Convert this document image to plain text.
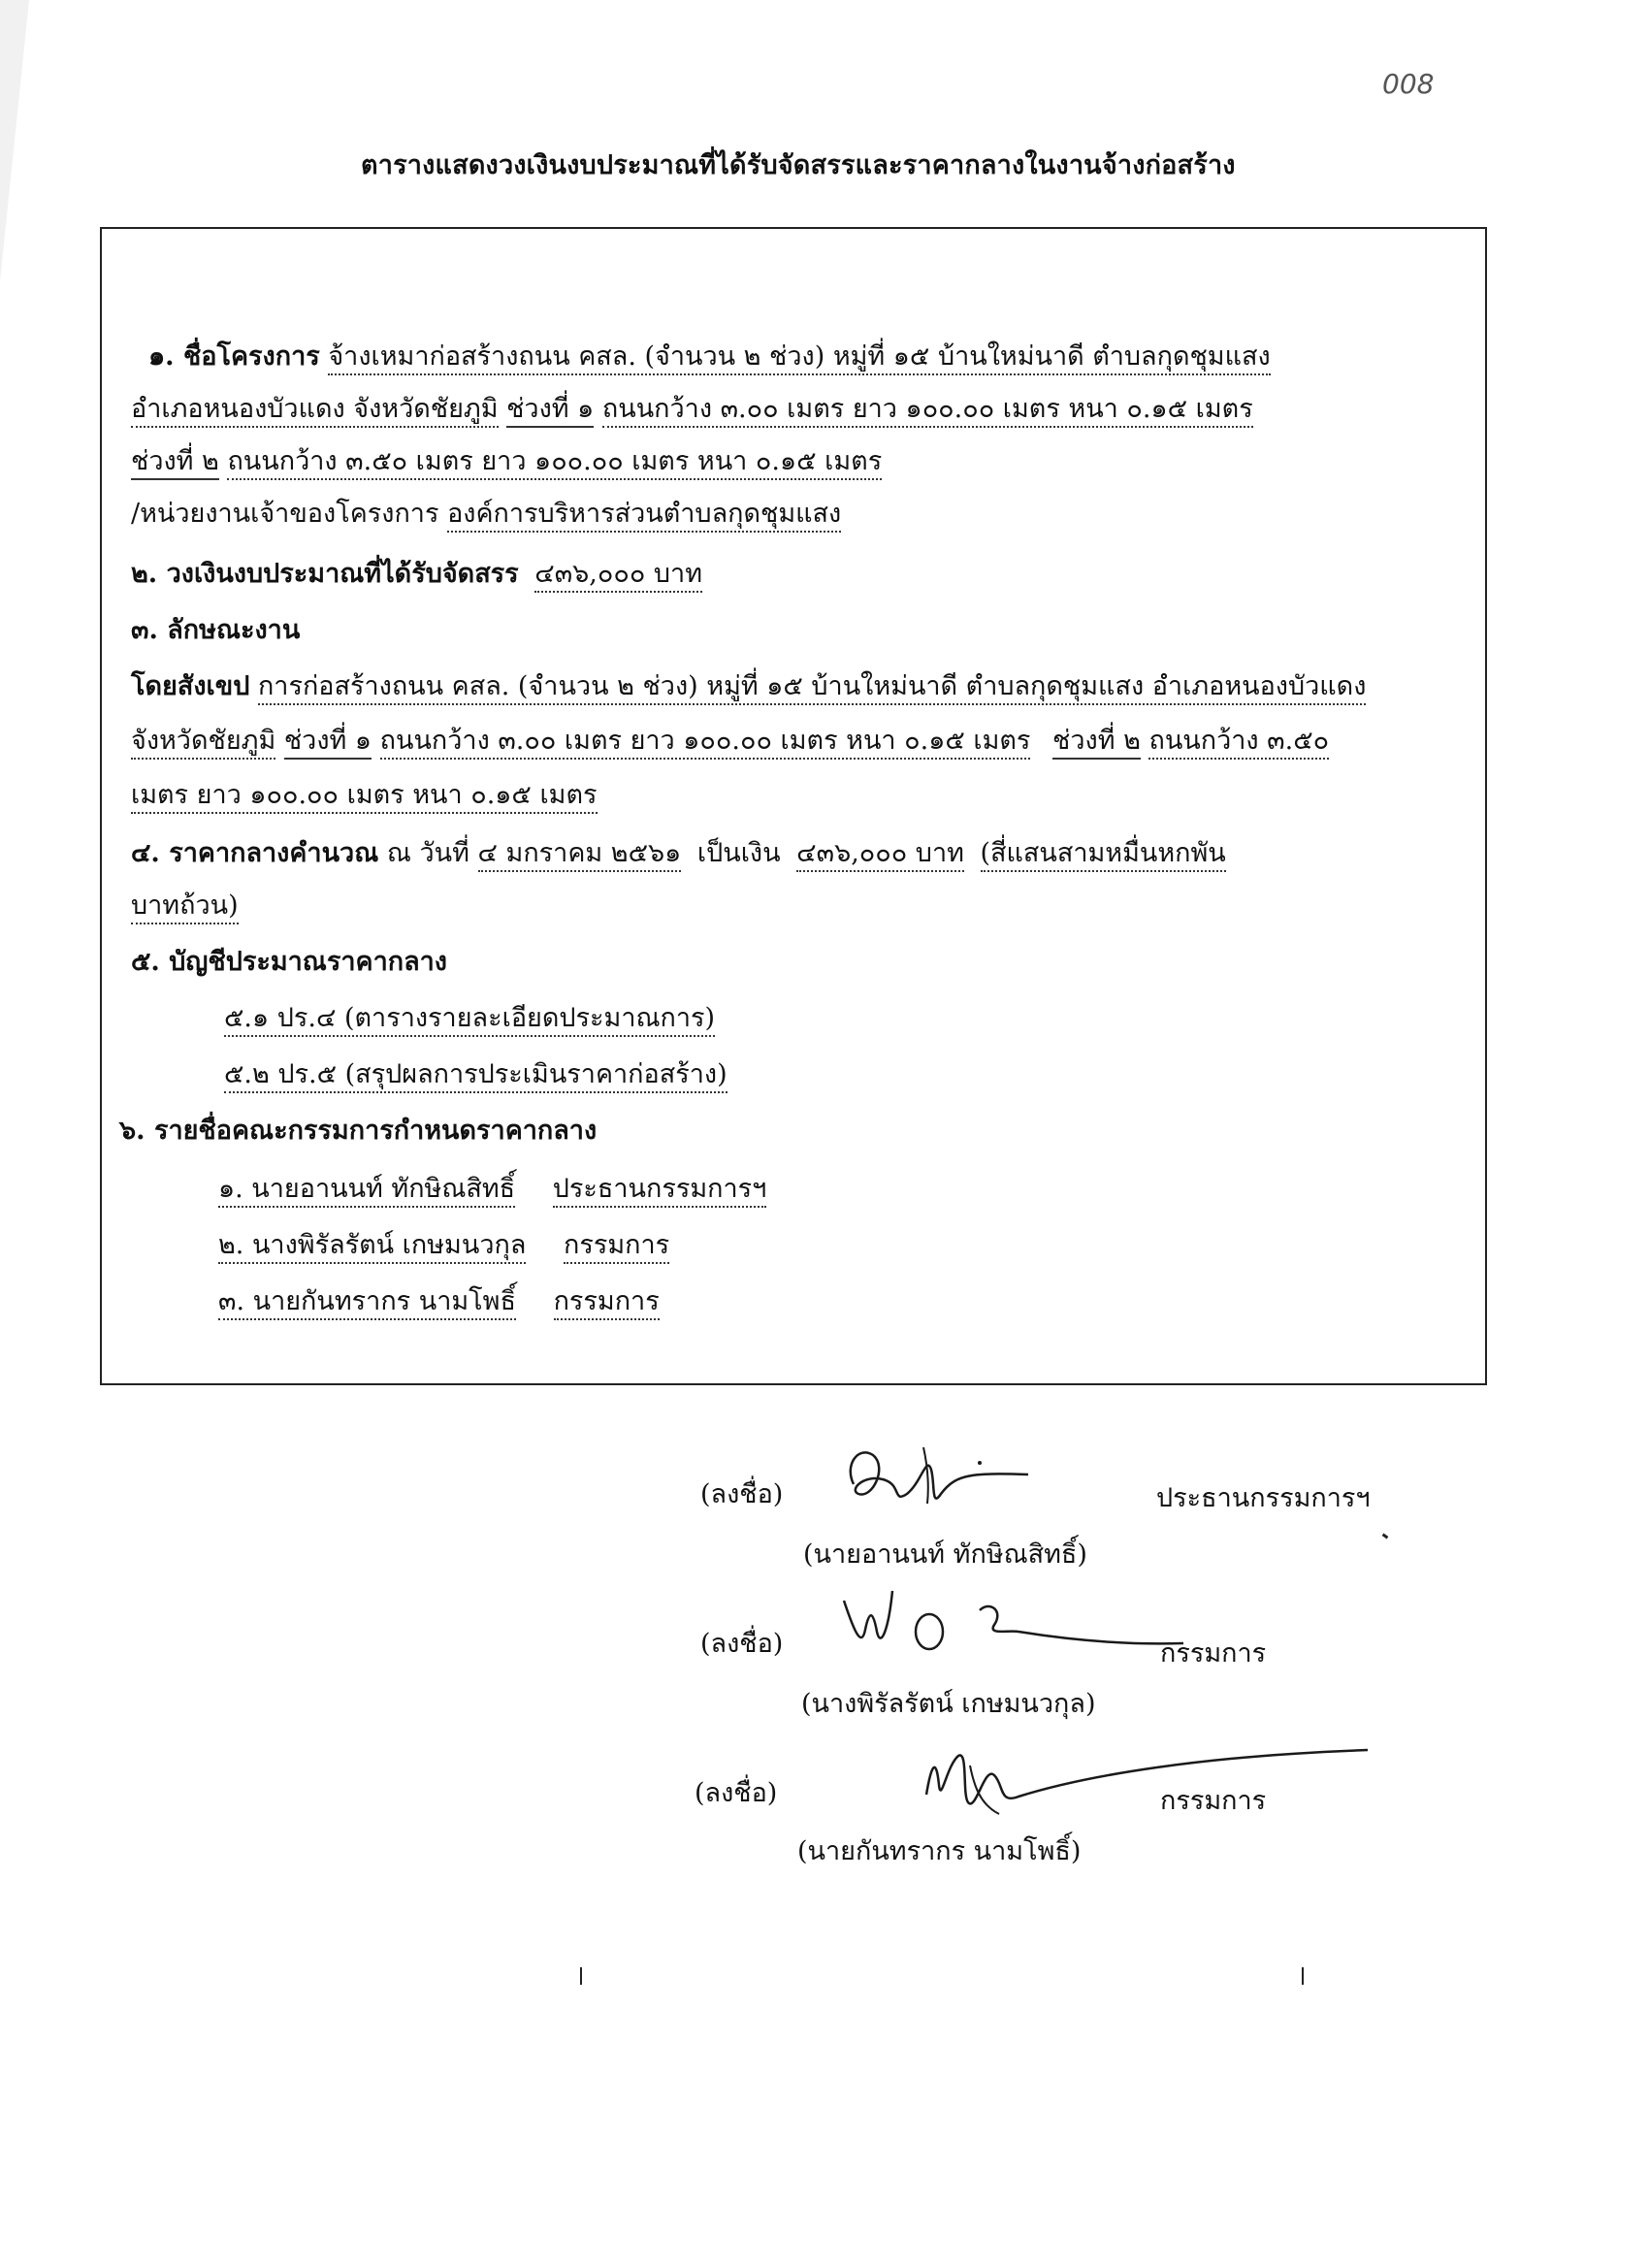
008
ตารางแสดงวงเงินงบประมาณที่ได้รับจัดสรรและราคากลางในงานจ้างก่อสร้าง
๑. ชื่อโครงการ จ้างเหมาก่อสร้างถนน คสล. (จำนวน ๒ ช่วง) หมู่ที่ ๑๕ บ้านใหม่นาดี ตำบลกุดชุมแสง
อำเภอหนองบัวแดง จังหวัดชัยภูมิ ช่วงที่ ๑ ถนนกว้าง ๓.๐๐ เมตร ยาว ๑๐๐.๐๐ เมตร หนา ๐.๑๕ เมตร
ช่วงที่ ๒ ถนนกว้าง ๓.๕๐ เมตร ยาว ๑๐๐.๐๐ เมตร หนา ๐.๑๕ เมตร
/หน่วยงานเจ้าของโครงการ องค์การบริหารส่วนตำบลกุดชุมแสง
๒. วงเงินงบประมาณที่ได้รับจัดสรร ๔๓๖,๐๐๐ บาท
๓. ลักษณะงาน
โดยสังเขป การก่อสร้างถนน คสล. (จำนวน ๒ ช่วง) หมู่ที่ ๑๕ บ้านใหม่นาดี ตำบลกุดชุมแสง อำเภอหนองบัวแดง
จังหวัดชัยภูมิ ช่วงที่ ๑ ถนนกว้าง ๓.๐๐ เมตร ยาว ๑๐๐.๐๐ เมตร หนา ๐.๑๕ เมตร ช่วงที่ ๒ ถนนกว้าง ๓.๕๐
เมตร ยาว ๑๐๐.๐๐ เมตร หนา ๐.๑๕ เมตร
๔. ราคากลางคำนวณ ณ วันที่ ๔ มกราคม ๒๕๖๑ เป็นเงิน ๔๓๖,๐๐๐ บาท (สี่แสนสามหมื่นหกพัน
บาทถ้วน)
๕. บัญชีประมาณราคากลาง
๕.๑ ปร.๔ (ตารางรายละเอียดประมาณการ)
๕.๒ ปร.๕ (สรุปผลการประเมินราคาก่อสร้าง)
๖. รายชื่อคณะกรรมการกำหนดราคากลาง
๑. นายอานนท์ ทักษิณสิทธิ์ ประธานกรรมการฯ
๒. นางพิรัลรัตน์ เกษมนวกุล กรรมการ
๓. นายกันทรากร นามโพธิ์ กรรมการ
(ลงชื่อ)	ประธานกรรมการฯ
(นายอานนท์ ทักษิณสิทธิ์)
(ลงชื่อ)	กรรมการ
(นางพิรัลรัตน์ เกษมนวกุล)
(ลงชื่อ)	กรรมการ
(นายกันทรากร นามโพธิ์)
